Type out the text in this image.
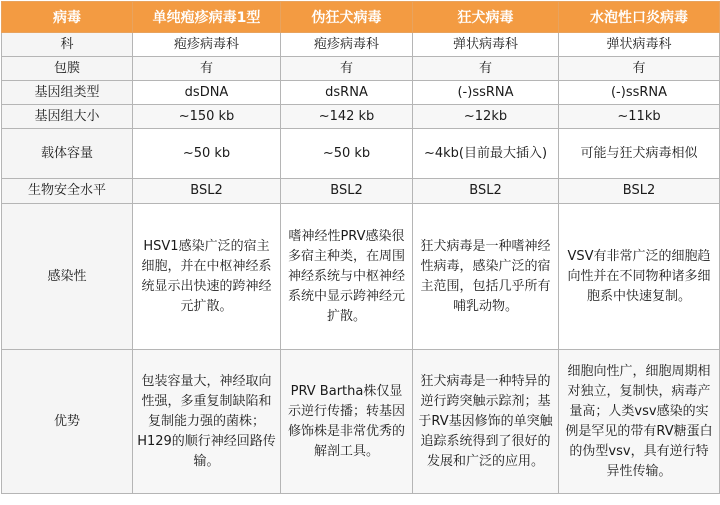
病毒	单纯疱疹病毒1型	伪狂犬病毒	狂犬病毒	水泡性口炎病毒
科	疱疹病毒科	疱疹病毒科	弹状病毒科	弹状病毒科
包膜	有	有	有	有
基因组类型	dsDNA	dsRNA	(-)ssRNA	(-)ssRNA
基因组大小	~150 kb	~142 kb	~12kb	~11kb
载体容量	~50 kb	~50 kb	~4kb(目前最大插入)	可能与狂犬病毒相似
生物安全水平	BSL2	BSL2	BSL2	BSL2
感染性	HSV1感染广泛的宿主细胞，并在中枢神经系统显示出快速的跨神经元扩散。	嗜神经性PRV感染很多宿主种类，在周围神经系统与中枢神经系统中显示跨神经元扩散。	狂犬病毒是一种嗜神经性病毒，感染广泛的宿主范围，包括几乎所有哺乳动物。	VSV有非常广泛的细胞趋向性并在不同物种诸多细胞系中快速复制。
优势	包装容量大，神经取向性强，多重复制缺陷和复制能力强的菌株；H129的顺行神经回路传输。	PRV Bartha株仅显示逆行传播；转基因修饰株是非常优秀的解剖工具。	狂犬病毒是一种特异的逆行跨突触示踪剂；基于RV基因修饰的单突触追踪系统得到了很好的发展和广泛的应用。	细胞向性广，细胞周期相对独立，复制快，病毒产量高；人类vsv感染的实例是罕见的带有RV糖蛋白的伪型vsv，具有逆行特异性传输。
